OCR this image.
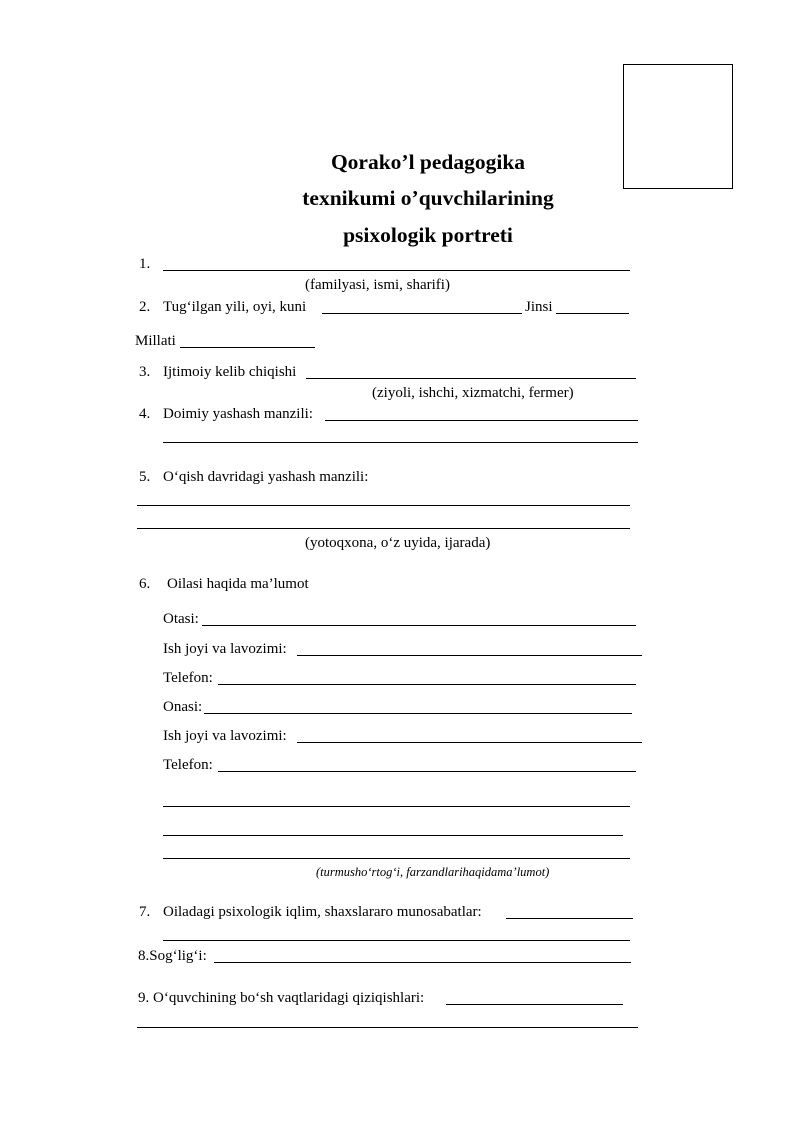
Qorako’l pedagogika
texnikumi o’quvchilarining
psixologik portreti
1.
(familyasi, ismi, sharifi)
2. Tug‘ilgan yili, oyi, kuni	Jinsi
Millati
3. Ijtimoiy kelib chiqishi
(ziyoli, ishchi, xizmatchi, fermer)
4. Doimiy yashash manzili:
5. O‘qish davridagi yashash manzili:
(yotoqxona, o‘z uyida, ijarada)
6. Oilasi haqida ma’lumot
Otasi:
Ish joyi va lavozimi:
Telefon:
Onasi:
Ish joyi va lavozimi:
Telefon:
(turmusho‘rtog‘i, farzandlarihaqidama’lumot)
7. Oiladagi psixologik iqlim, shaxslararo munosabatlar:
8.Sog‘lig‘i:
9. O‘quvchining bo‘sh vaqtlaridagi qiziqishlari:
